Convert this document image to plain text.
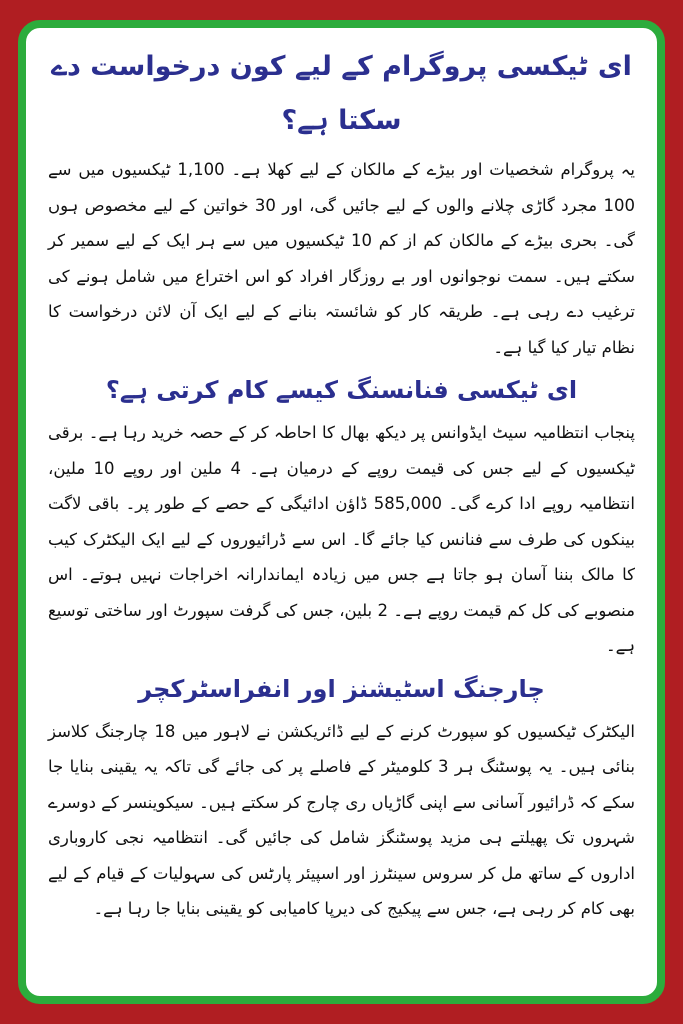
ای ٹیکسی پروگرام کے لیے کون درخواست دے سکتا ہے؟

یہ پروگرام شخصیات اور بیڑے کے مالکان کے لیے کھلا ہے۔ 1,100 ٹیکسیوں میں سے 100 مجرد گاڑی چلانے والوں کے لیے جائیں گی، اور 30 خواتین کے لیے مخصوص ہوں گی۔ بحری بیڑے کے مالکان کم از کم 10 ٹیکسیوں میں سے ہر ایک کے لیے سمیر کر سکتے ہیں۔ سمت نوجوانوں اور بے روزگار افراد کو اس اختراع میں شامل ہونے کی ترغیب دے رہی ہے۔ طریقہ کار کو شائستہ بنانے کے لیے ایک آن لائن درخواست کا نظام تیار کیا گیا ہے۔

ای ٹیکسی فنانسنگ کیسے کام کرتی ہے؟

پنجاب انتظامیہ سیٹ ایڈوانس پر دیکھ بھال کا احاطہ کر کے حصہ خرید رہا ہے۔ برقی ٹیکسیوں کے لیے جس کی قیمت روپے کے درمیان ہے۔ 4 ملین اور روپے 10 ملین، انتظامیہ روپے ادا کرے گی۔ 585,000 ڈاؤن ادائیگی کے حصے کے طور پر۔ باقی لاگت بینکوں کی طرف سے فنانس کیا جائے گا۔ اس سے ڈرائیوروں کے لیے ایک الیکٹرک کیب کا مالک بننا آسان ہو جاتا ہے جس میں زیادہ ایماندارانہ اخراجات نہیں ہوتے۔ اس منصوبے کی کل کم قیمت روپے ہے۔ 2 بلین، جس کی گرفت سپورٹ اور ساختی توسیع ہے۔

چارجنگ اسٹیشنز اور انفراسٹرکچر

الیکٹرک ٹیکسیوں کو سپورٹ کرنے کے لیے ڈائریکشن نے لاہور میں 18 چارجنگ کلاسز بنائی ہیں۔ یہ پوسٹنگ ہر 3 کلومیٹر کے فاصلے پر کی جائے گی تاکہ یہ یقینی بنایا جا سکے کہ ڈرائیور آسانی سے اپنی گاڑیاں ری چارج کر سکتے ہیں۔ سیکوینسر کے دوسرے شہروں تک پھیلتے ہی مزید پوسٹنگز شامل کی جائیں گی۔ انتظامیہ نجی کاروباری اداروں کے ساتھ مل کر سروس سینٹرز اور اسپیئر پارٹس کی سہولیات کے قیام کے لیے بھی کام کر رہی ہے، جس سے پیکیج کی دیرپا کامیابی کو یقینی بنایا جا رہا ہے۔
